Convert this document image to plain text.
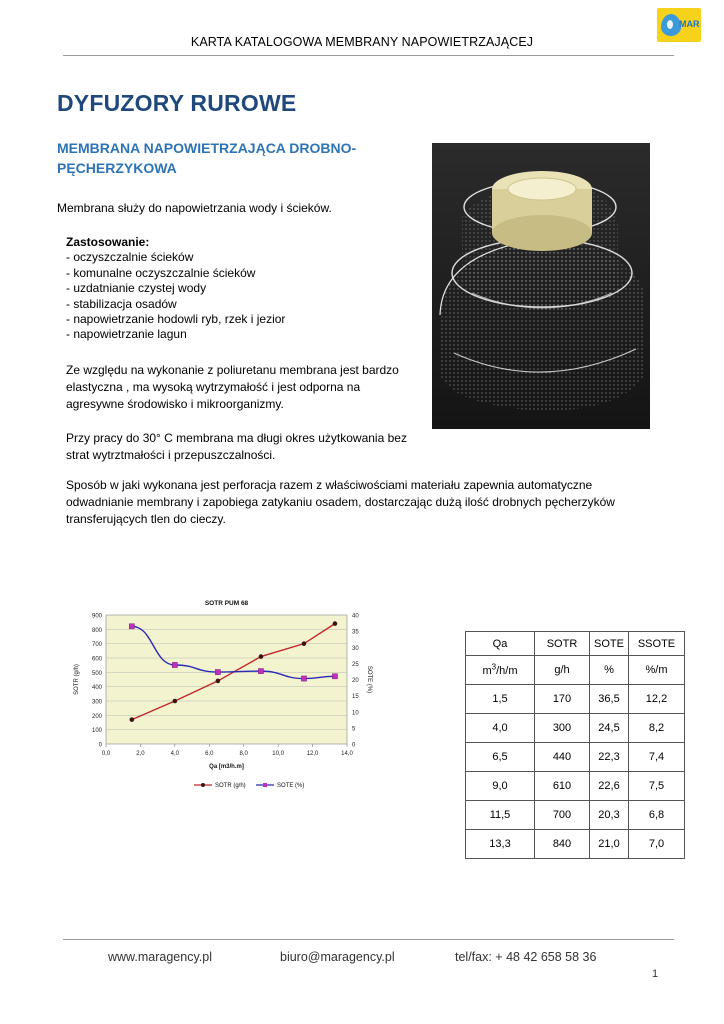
MAR
KARTA KATALOGOWA MEMBRANY NAPOWIETRZAJĄCEJ
DYFUZORY RUROWE
MEMBRANA NAPOWIETRZAJĄCA DROBNO-
PĘCHERZYKOWA
Membrana służy do napowietrzania wody i ścieków.
Zastosowanie:
- oczyszczalnie ścieków
- komunalne oczyszczalnie ścieków
- uzdatnianie czystej wody
- stabilizacja osadów
- napowietrzanie hodowli ryb, rzek i jezior
- napowietrzanie lagun
Ze względu na wykonanie z poliuretanu membrana jest bardzo
elastyczna , ma wysoką wytrzymałość i jest odporna na
agresywne środowisko i mikroorganizmy.
Przy pracy do 30° C membrana ma długi okres użytkowania bez
strat wytrztmałości i przepuszczalności.
Sposób w jaki wykonana jest perforacja razem z właściwościami materiału zapewnia automatyczne
odwadnianie membrany i zapobiega zatykaniu osadem, dostarczając dużą ilość drobnych pęcherzyków
transferujących tlen do cieczy.
0
100
200
300
400
500
600
700
800
900
0
5
10
15
20
25
30
35
40
0,0	2,0	4,0	6,0	8,0	10,0	12,0	14,0
SOTR PUM 68
Qa [m3/h.m]
SOTR (g/h)	SOTE (%)
SOTR (g/h)	SOTE (%)
Qa	SOTR	SOTE	SSOTE
$m^3/h/m$	g/h	%	%/m
1,5	170	36,5	12,2
4,0	300	24,5	8,2
6,5	440	22,3	7,4
9,0	610	22,6	7,5
11,5	700	20,3	6,8
13,3	840	21,0	7,0
www.maragency.pl	biuro@maragency.pl	tel/fax: + 48 42 658 58 36
1
